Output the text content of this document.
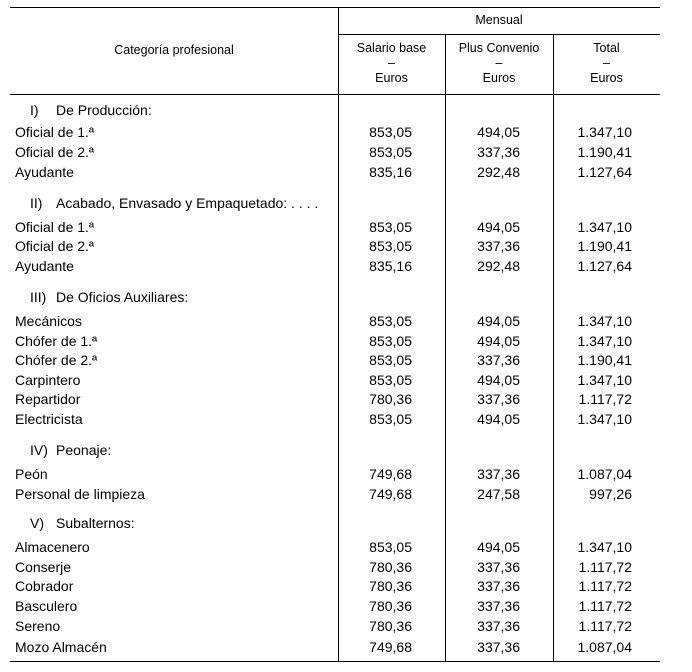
Categoría profesional
Mensual
Salario base
–
Euros
Plus Convenio
–
Euros
Total
–
Euros
I) De Producción:
Oficial de 1.ª	853,05	494,05	1.347,10
Oficial de 2.ª	853,05	337,36	1.190,41
Ayudante	835,16	292,48	1.127,64
II) Acabado, Envasado y Empaquetado: . . . .
Oficial de 1.ª	853,05	494,05	1.347,10
Oficial de 2.ª	853,05	337,36	1.190,41
Ayudante	835,16	292,48	1.127,64
III) De Oficios Auxiliares:
Mecánicos	853,05	494,05	1.347,10
Chófer de 1.ª	853,05	494,05	1.347,10
Chófer de 2.ª	853,05	337,36	1.190,41
Carpintero	853,05	494,05	1.347,10
Repartidor	780,36	337,36	1.117,72
Electricista	853,05	494,05	1.347,10
IV) Peonaje:
Peón	749,68	337,36	1.087,04
Personal de limpieza	749,68	247,58	997,26
V) Subalternos:
Almacenero	853,05	494,05	1.347,10
Conserje	780,36	337,36	1.117,72
Cobrador	780,36	337,36	1.117,72
Basculero	780,36	337,36	1.117,72
Sereno	780,36	337,36	1.117,72
Mozo Almacén	749,68	337,36	1.087,04
